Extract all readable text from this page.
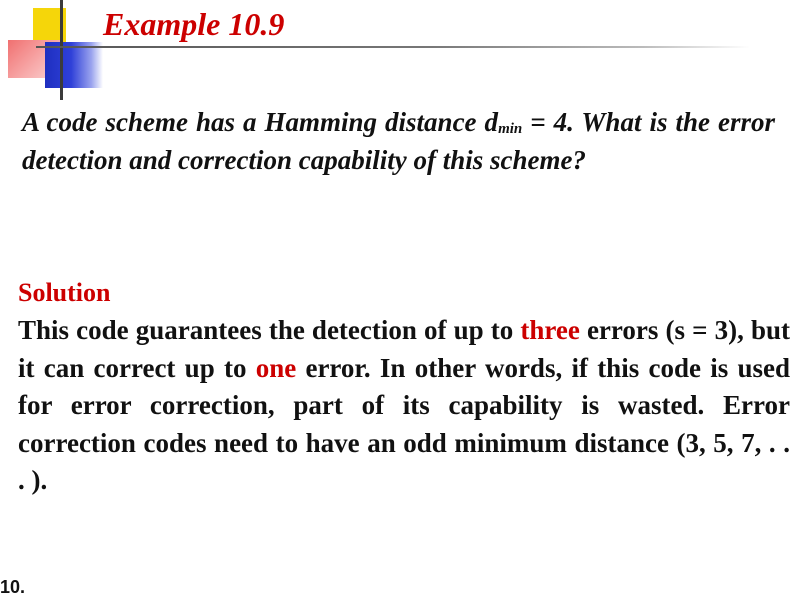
Example 10.9

A code scheme has a Hamming distance $d_{min} = 4$. What is the error detection and correction capability of this scheme?

Solution

This code guarantees the detection of up to three errors (s = 3), but it can correct up to one error. In other words, if this code is used for error correction, part of its capability is wasted. Error correction codes need to have an odd minimum distance (3, 5, 7, . . . ).

10.
